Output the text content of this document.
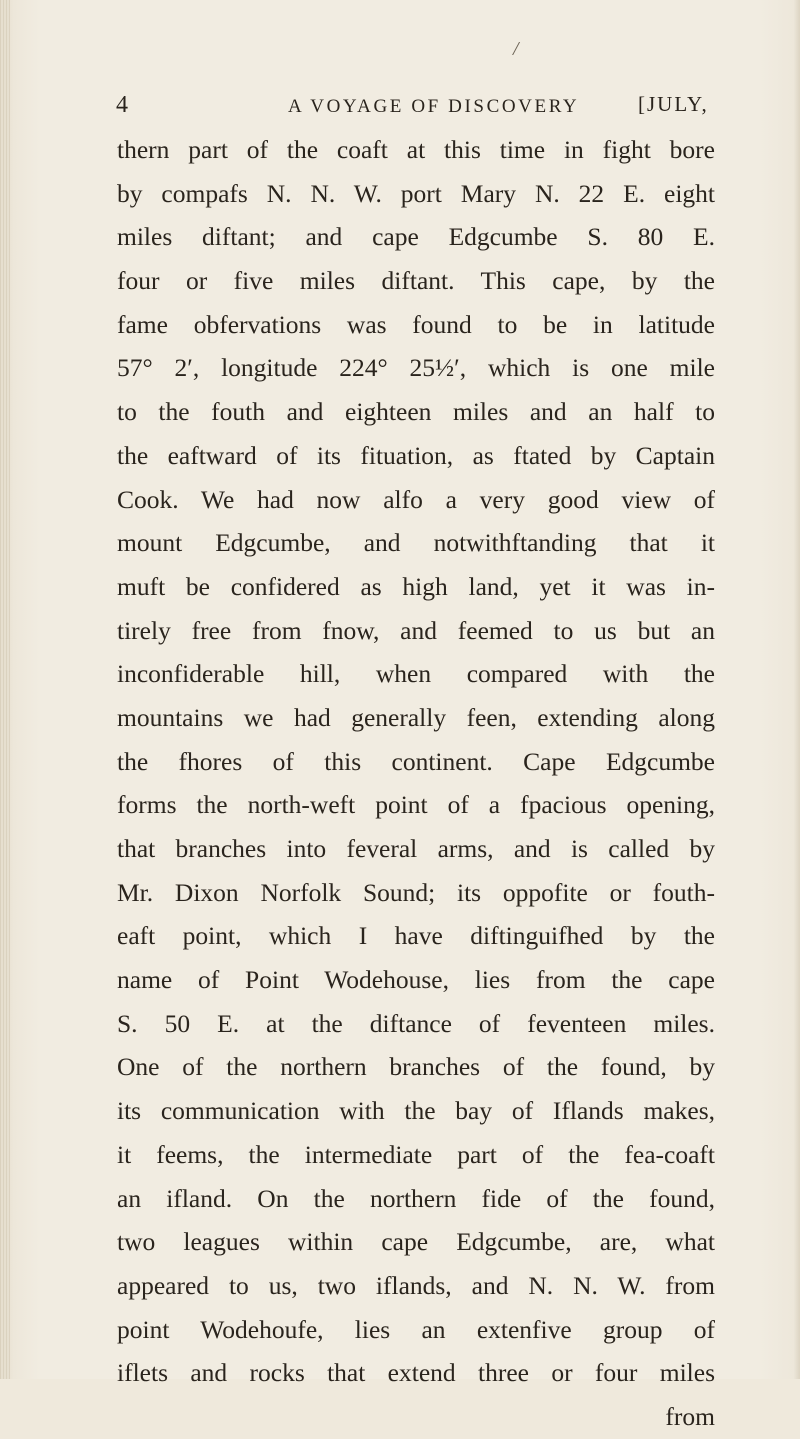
/
4	A VOYAGE OF DISCOVERY	[JULY,
thern part of the coaft at this time in fight bore
by compafs N. N. W. port Mary N. 22 E. eight
miles diftant; and cape Edgcumbe S. 80 E.
four or five miles diftant. This cape, by the
fame obfervations was found to be in latitude
57° 2′, longitude 224° 25½′, which is one mile
to the fouth and eighteen miles and an half to
the eaftward of its fituation, as ftated by Captain
Cook. We had now alfo a very good view of
mount Edgcumbe, and notwithftanding that it
muft be confidered as high land, yet it was in-
tirely free from fnow, and feemed to us but an
inconfiderable hill, when compared with the
mountains we had generally feen, extending along
the fhores of this continent. Cape Edgcumbe
forms the north-weft point of a fpacious opening,
that branches into feveral arms, and is called by
Mr. Dixon Norfolk Sound; its oppofite or fouth-
eaft point, which I have diftinguifhed by the
name of Point Wodehouse, lies from the cape
S. 50 E. at the diftance of feventeen miles.
One of the northern branches of the found, by
its communication with the bay of Iflands makes,
it feems, the intermediate part of the fea-coaft
an ifland. On the northern fide of the found,
two leagues within cape Edgcumbe, are, what
appeared to us, two iflands, and N. N. W. from
point Wodehoufe, lies an extenfive group of
iflets and rocks that extend three or four miles
from
